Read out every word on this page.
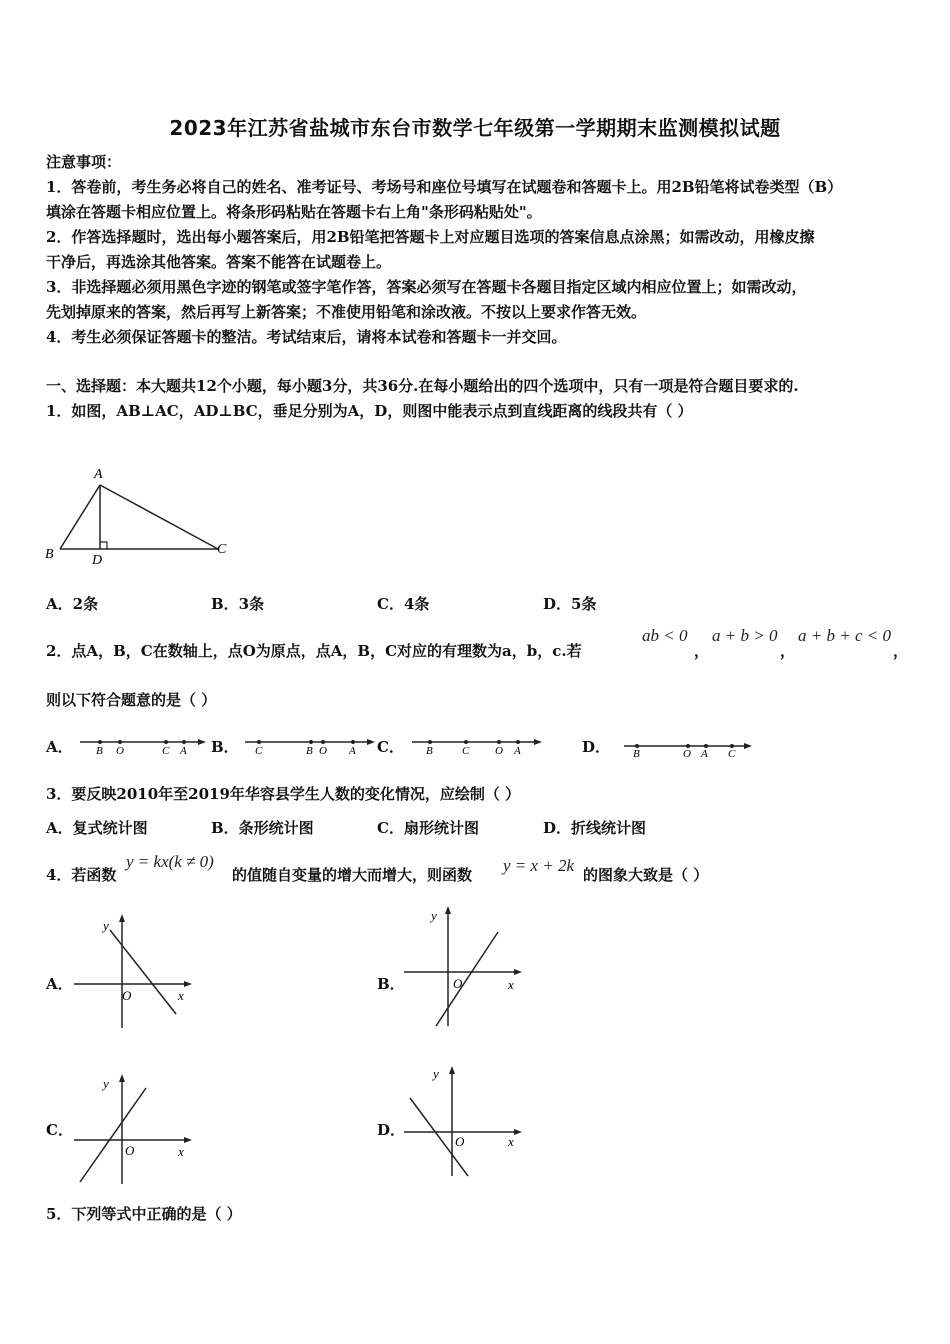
2023年江苏省盐城市东台市数学七年级第一学期期末监测模拟试题
注意事项：
1．答卷前，考生务必将自己的姓名、准考证号、考场号和座位号填写在试题卷和答题卡上。用2B铅笔将试卷类型（B）
填涂在答题卡相应位置上。将条形码粘贴在答题卡右上角"条形码粘贴处"。
2．作答选择题时，选出每小题答案后，用2B铅笔把答题卡上对应题目选项的答案信息点涂黑；如需改动，用橡皮擦
干净后，再选涂其他答案。答案不能答在试题卷上。
3．非选择题必须用黑色字迹的钢笔或签字笔作答，答案必须写在答题卡各题目指定区域内相应位置上；如需改动，
先划掉原来的答案，然后再写上新答案；不准使用铅笔和涂改液。不按以上要求作答无效。
4．考生必须保证答题卡的整洁。考试结束后，请将本试卷和答题卡一并交回。
一、选择题：本大题共12个小题，每小题3分，共36分.在每小题给出的四个选项中，只有一项是符合题目要求的.
1．如图，AB⊥AC，AD⊥BC，垂足分别为A，D，则图中能表示点到直线距离的线段共有（ ）
A
B	C
D
A．2条	B．3条	C．4条	D．5条
2．点A，B，C在数轴上，点O为原点，点A，B，C对应的有理数为a，b，c.若
ab < 0
，
a + b > 0
，
a + b + c < 0
，
则以下符合题意的是（ ）
A． B O	C A B． C	B O A C． B	C O A	D． B	O A C
3．要反映2010年至2019年华容县学生人数的变化情况，应绘制（ ）
A．复式统计图	B．条形统计图	C．扇形统计图	D．折线统计图
4．若函数
y = kx(k ≠ 0)
的值随自变量的增大而增大，则函数 y = x + 2k 的图象大致是（ ）
A．
y
x
O
B．
y
x
O
C．
y
x
O
D．
y
x
O
5．下列等式中正确的是（ ）
